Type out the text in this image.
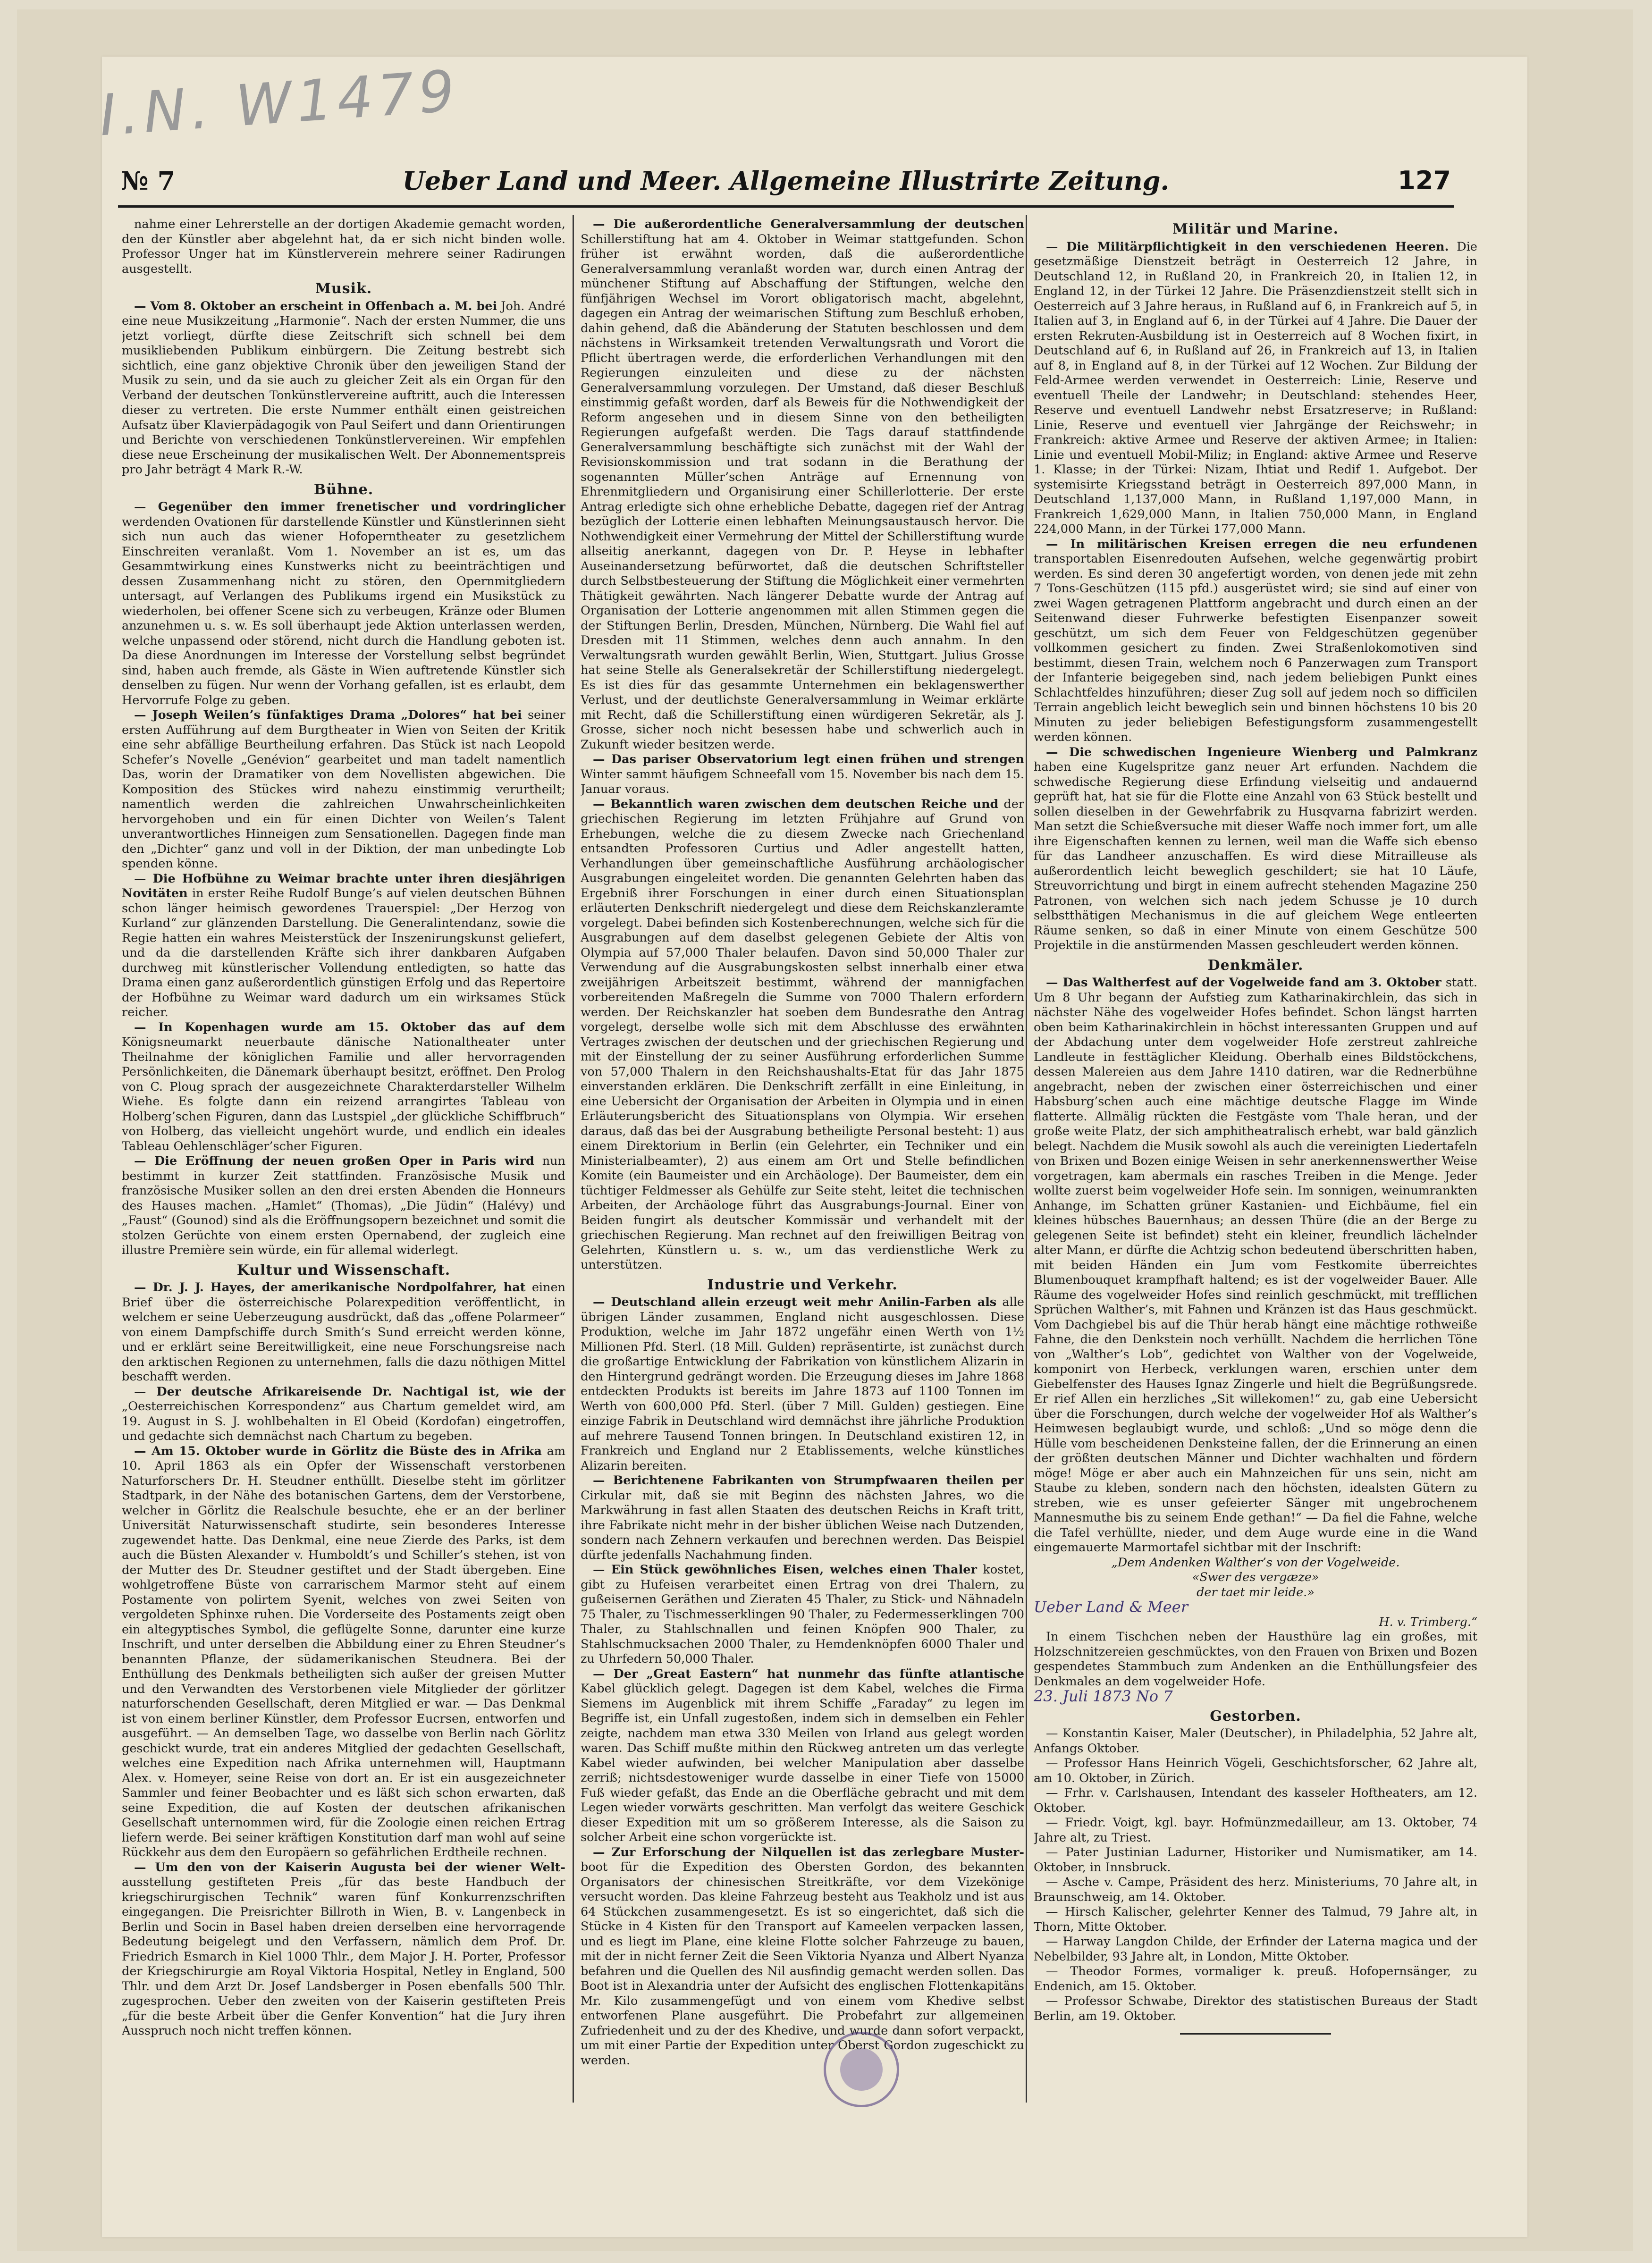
I.N. W1479
№ 7	Ueber Land und Meer. Allgemeine Illustrirte Zeitung.	127

nahme einer Lehrerstelle an der dortigen Akademie gemacht worden, den der Künstler aber abgelehnt hat, da er sich nicht binden wolle. Professor Unger hat im Künstlerverein mehrere seiner Radirungen ausgestellt.

Musik.

— Vom 8. Oktober an erscheint in Offenbach a. M. bei Joh. André eine neue Musikzeitung „Harmonie“. Nach der ersten Nummer, die uns jetzt vorliegt, dürfte diese Zeitschrift sich schnell bei dem musikliebenden Publikum einbürgern. Die Zeitung bestrebt sich sichtlich, eine ganz objektive Chronik über den jeweiligen Stand der Musik zu sein, und da sie auch zu gleicher Zeit als ein Organ für den Verband der deutschen Tonkünstlervereine auftritt, auch die Interessen dieser zu vertreten. Die erste Nummer enthält einen geistreichen Aufsatz über Klavierpädagogik von Paul Seifert und dann Orientirungen und Berichte von verschiedenen Tonkünstlervereinen. Wir empfehlen diese neue Erscheinung der musikalischen Welt. Der Abonnementspreis pro Jahr beträgt 4 Mark R.-W.

Bühne.

— Gegenüber den immer frenetischer und vordringlicher werdenden Ovationen für darstellende Künstler und Künstlerinnen sieht sich nun auch das wiener Hofopernthеater zu gesetzlichem Einschreiten veranlaßt. Vom 1. November an ist es, um das Gesammtwirkung eines Kunstwerks nicht zu beeinträchtigen und dessen Zusammenhang nicht zu stören, den Opernmitgliedern untersagt, auf Verlangen des Publikums irgend ein Musikstück zu wiederholen, bei offener Scene sich zu verbeugen, Kränze oder Blumen anzunehmen u. s. w. Es soll überhaupt jede Aktion unterlassen werden, welche unpassend oder störend, nicht durch die Handlung geboten ist. Da diese Anordnungen im Interesse der Vorstellung selbst begründet sind, haben auch fremde, als Gäste in Wien auftretende Künstler sich denselben zu fügen. Nur wenn der Vorhang gefallen, ist es erlaubt, dem Hervorrufe Folge zu geben.

— Joseph Weilen’s fünfaktiges Drama „Dolores“ hat bei seiner ersten Aufführung auf dem Burgtheater in Wien von Seiten der Kritik eine sehr abfällige Beurtheilung erfahren. Das Stück ist nach Leopold Schefer’s Novelle „Genévion“ gearbeitet und man tadelt namentlich Das, worin der Dramatiker von dem Novellisten abgewichen. Die Komposition des Stückes wird nahezu einstimmig verurtheilt; namentlich werden die zahlreichen Unwahrscheinlichkeiten hervorgehoben und ein für einen Dichter von Weilen’s Talent unverantwortliches Hinneigen zum Sensationellen. Dagegen finde man den „Dichter“ ganz und voll in der Diktion, der man unbedingte Lob spenden könne.

— Die Hofbühne zu Weimar brachte unter ihren diesjährigen Novitäten in erster Reihe Rudolf Bunge’s auf vielen deutschen Bühnen schon länger heimisch gewordenes Trauerspiel: „Der Herzog von Kurland“ zur glänzenden Darstellung. Die Generalintendanz, sowie die Regie hatten ein wahres Meisterstück der Inszenirungskunst geliefert, und da die darstellenden Kräfte sich ihrer dankbaren Aufgaben durchweg mit künstlerischer Vollendung entledigten, so hatte das Drama einen ganz außerordentlich günstigen Erfolg und das Repertoire der Hofbühne zu Weimar ward dadurch um ein wirksames Stück reicher.

— In Kopenhagen wurde am 15. Oktober das auf dem Königsneumarkt neuerbaute dänische Nationaltheater unter Theilnahme der königlichen Familie und aller hervorragenden Persönlichkeiten, die Dänemark überhaupt besitzt, eröffnet. Den Prolog von C. Ploug sprach der ausgezeichnete Charakterdarsteller Wilhelm Wiehe. Es folgte dann ein reizend arrangirtes Tableau von Holberg’schen Figuren, dann das Lustspiel „der glückliche Schiffbruch“ von Holberg, das vielleicht ungehört wurde, und endlich ein ideales Tableau Oehlenschläger’scher Figuren.

— Die Eröffnung der neuen großen Oper in Paris wird nun bestimmt in kurzer Zeit stattfinden. Französische Musik und französische Musiker sollen an den drei ersten Abenden die Honneurs des Hauses machen. „Hamlet“ (Thomas), „Die Jüdin“ (Halévy) und „Faust“ (Gounod) sind als die Eröffnungsopern bezeichnet und somit die stolzen Gerüchte von einem ersten Opernabend, der zugleich eine illustre Première sein würde, ein für allemal widerlegt.

Kultur und Wissenschaft.

— Dr. J. J. Hayes, der amerikanische Nordpolfahrer, hat einen Brief über die österreichische Polarexpedition veröffentlicht, in welchem er seine Ueberzeugung ausdrückt, daß das „offene Polarmeer“ von einem Dampfschiffe durch Smith’s Sund erreicht werden könne, und er erklärt seine Bereitwilligkeit, eine neue Forschungsreise nach den arktischen Regionen zu unternehmen, falls die dazu nöthigen Mittel beschafft werden.

— Der deutsche Afrikareisende Dr. Nachtigal ist, wie der „Oesterreichischen Korrespondenz“ aus Chartum gemeldet wird, am 19. August in S. J. wohlbehalten in El Obeid (Kordofan) eingetroffen, und gedachte sich demnächst nach Chartum zu begeben.

— Am 15. Oktober wurde in Görlitz die Büste des in Afrika am 10. April 1863 als ein Opfer der Wissenschaft verstorbenen Naturforschers Dr. H. Steudner enthüllt. Dieselbe steht im görlitzer Stadtpark, in der Nähe des botanischen Gartens, dem der Verstorbene, welcher in Görlitz die Realschule besuchte, ehe er an der berliner Universität Naturwissenschaft studirte, sein besonderes Interesse zugewendet hatte. Das Denkmal, eine neue Zierde des Parks, ist dem auch die Büsten Alexander v. Humboldt’s und Schiller’s stehen, ist von der Mutter des Dr. Steudner gestiftet und der Stadt übergeben. Eine wohlgetroffene Büste von carrarischem Marmor steht auf einem Postamente von polirtem Syenit, welches von zwei Seiten von vergoldeten Sphinxe ruhen. Die Vorderseite des Postaments zeigt oben ein altegyptisches Symbol, die geflügelte Sonne, darunter eine kurze Inschrift, und unter derselben die Abbildung einer zu Ehren Steudner’s benannten Pflanze, der südamerikanischen Steudnera. Bei der Enthüllung des Denkmals betheiligten sich außer der greisen Mutter und den Verwandten des Verstorbenen viele Mitglieder der görlitzer naturforschenden Gesellschaft, deren Mitglied er war. — Das Denkmal ist von einem berliner Künstler, dem Professor Eucrsen, entworfen und ausgeführt. — An demselben Tage, wo dasselbe von Berlin nach Görlitz geschickt wurde, trat ein anderes Mitglied der gedachten Gesellschaft, welches eine Expedition nach Afrika unternehmen will, Hauptmann Alex. v. Homeyer, seine Reise von dort an. Er ist ein ausgezeichneter Sammler und feiner Beobachter und es läßt sich schon erwarten, daß seine Expedition, die auf Kosten der deutschen afrikanischen Gesellschaft unternommen wird, für die Zoologie einen reichen Ertrag liefern werde. Bei seiner kräftigen Konstitution darf man wohl auf seine Rückkehr aus dem den Europäern so gefährlichen Erdtheile rechnen.

— Um den von der Kaiserin Augusta bei der wiener Welt- ausstellung gestifteten Preis „für das beste Handbuch der kriegschirurgischen Technik“ waren fünf Konkurrenzschriften eingegangen. Die Preisrichter Billroth in Wien, B. v. Langenbeck in Berlin und Socin in Basel haben dreien derselben eine hervorragende Bedeutung beigelegt und den Verfassern, nämlich dem Prof. Dr. Friedrich Esmarch in Kiel 1000 Thlr., dem Major J. H. Porter, Professor der Kriegschirurgie am Royal Viktoria Hospital, Netley in England, 500 Thlr. und dem Arzt Dr. Josef Landsberger in Posen ebenfalls 500 Thlr. zugesprochen. Ueber den zweiten von der Kaiserin gestifteten Preis „für die beste Arbeit über die Genfer Konvention“ hat die Jury ihren Ausspruch noch nicht treffen können.

— Die außerordentliche Generalversammlung der deutschen Schillerstiftung hat am 4. Oktober in Weimar stattgefunden. Schon früher ist erwähnt worden, daß die außerordentliche Generalversammlung veranlaßt worden war, durch einen Antrag der münchener Stiftung auf Abschaffung der Stiftungen, welche den fünfjährigen Wechsel im Vorort obligatorisch macht, abgelehnt, dagegen ein Antrag der weimarischen Stiftung zum Beschluß erhoben, dahin gehend, daß die Abänderung der Statuten beschlossen und dem nächstens in Wirksamkeit tretenden Verwaltungsrath und Vorort die Pflicht übertragen werde, die erforderlichen Verhandlungen mit den Regierungen einzuleiten und diese zu der nächsten Generalversammlung vorzulegen. Der Umstand, daß dieser Beschluß einstimmig gefaßt worden, darf als Beweis für die Nothwendigkeit der Reform angesehen und in diesem Sinne von den betheiligten Regierungen aufgefaßt werden. Die Tags darauf stattfindende Generalversammlung beschäftigte sich zunächst mit der Wahl der Revisionskommission und trat sodann in die Berathung der sogenannten Müller’schen Anträge auf Ernennung von Ehrenmitgliedern und Organisirung einer Schillerlotterie. Der erste Antrag erledigte sich ohne erhebliche Debatte, dagegen rief der Antrag bezüglich der Lotterie einen lebhaften Meinungsaustausch hervor. Die Nothwendigkeit einer Vermehrung der Mittel der Schillerstiftung wurde allseitig anerkannt, dagegen von Dr. P. Heyse in lebhafter Auseinandersetzung befürwortet, daß die deutschen Schriftsteller durch Selbstbesteuerung der Stiftung die Möglichkeit einer vermehrten Thätigkeit gewährten. Nach längerer Debatte wurde der Antrag auf Organisation der Lotterie angenommen mit allen Stimmen gegen die der Stiftungen Berlin, Dresden, München, Nürnberg. Die Wahl fiel auf Dresden mit 11 Stimmen, welches denn auch annahm. In den Verwaltungsrath wurden gewählt Berlin, Wien, Stuttgart. Julius Grosse hat seine Stelle als Generalsekretär der Schillerstiftung niedergelegt. Es ist dies für das gesammte Unternehmen ein beklagenswerther Verlust, und der deutlichste Generalversammlung in Weimar erklärte mit Recht, daß die Schillerstiftung einen würdigeren Sekretär, als J. Grosse, sicher noch nicht besessen habe und schwerlich auch in Zukunft wieder besitzen werde.

— Das pariser Observatorium legt einen frühen und strengen Winter sammt häufigem Schneefall vom 15. November bis nach dem 15. Januar voraus.

— Bekanntlich waren zwischen dem deutschen Reiche und der griechischen Regierung im letzten Frühjahre auf Grund von Erhebungen, welche die zu diesem Zwecke nach Griechenland entsandten Professoren Curtius und Adler angestellt hatten, Verhandlungen über gemeinschaftliche Ausführung archäologischer Ausgrabungen eingeleitet worden. Die genannten Gelehrten haben das Ergebniß ihrer Forschungen in einer durch einen Situationsplan erläuterten Denkschrift niedergelegt und diese dem Reichskanzleramte vorgelegt. Dabei befinden sich Kostenberechnungen, welche sich für die Ausgrabungen auf dem daselbst gelegenen Gebiete der Altis von Olympia auf 57,000 Thaler belaufen. Davon sind 50,000 Thaler zur Verwendung auf die Ausgrabungskosten selbst innerhalb einer etwa zweijährigen Arbeitszeit bestimmt, während der mannigfachen vorbereitenden Maßregeln die Summe von 7000 Thalern erfordern werden. Der Reichskanzler hat soeben dem Bundesrathe den Antrag vorgelegt, derselbe wolle sich mit dem Abschlusse des erwähnten Vertrages zwischen der deutschen und der griechischen Regierung und mit der Einstellung der zu seiner Ausführung erforderlichen Summe von 57,000 Thalern in den Reichshaushalts-Etat für das Jahr 1875 einverstanden erklären. Die Denkschrift zerfällt in eine Einleitung, in eine Uebersicht der Organisation der Arbeiten in Olympia und in einen Erläuterungsbericht des Situationsplans von Olympia. Wir ersehen daraus, daß das bei der Ausgrabung betheiligte Personal besteht: 1) aus einem Direktorium in Berlin (ein Gelehrter, ein Techniker und ein Ministerialbeamter), 2) aus einem am Ort und Stelle befindlichen Komite (ein Baumeister und ein Archäologe). Der Baumeister, dem ein tüchtiger Feldmesser als Gehülfe zur Seite steht, leitet die technischen Arbeiten, der Archäologe führt das Ausgrabungs-Journal. Einer von Beiden fungirt als deutscher Kommissär und verhandelt mit der griechischen Regierung. Man rechnet auf den freiwilligen Beitrag von Gelehrten, Künstlern u. s. w., um das verdienstliche Werk zu unterstützen.

Industrie und Verkehr.

— Deutschland allein erzeugt weit mehr Anilin-Farben als alle übrigen Länder zusammen, England nicht ausgeschlossen. Diese Produktion, welche im Jahr 1872 ungefähr einen Werth von 1½ Millionen Pfd. Sterl. (18 Mill. Gulden) repräsentirte, ist zunächst durch die großartige Entwicklung der Fabrikation von künstlichem Alizarin in den Hintergrund gedrängt worden. Die Erzeugung dieses im Jahre 1868 entdeckten Produkts ist bereits im Jahre 1873 auf 1100 Tonnen im Werth von 600,000 Pfd. Sterl. (über 7 Mill. Gulden) gestiegen. Eine einzige Fabrik in Deutschland wird demnächst ihre jährliche Produktion auf mehrere Tausend Tonnen bringen. In Deutschland existiren 12, in Frankreich und England nur 2 Etablissements, welche künstliches Alizarin bereiten.

— Berichtenene Fabrikanten von Strumpfwaaren theilen per Cirkular mit, daß sie mit Beginn des nächsten Jahres, wo die Markwährung in fast allen Staaten des deutschen Reichs in Kraft tritt, ihre Fabrikate nicht mehr in der bisher üblichen Weise nach Dutzenden, sondern nach Zehnern verkaufen und berechnen werden. Das Beispiel dürfte jedenfalls Nachahmung finden.

— Ein Stück gewöhnliches Eisen, welches einen Thaler kostet, gibt zu Hufeisen verarbeitet einen Ertrag von drei Thalern, zu gußeisernen Geräthen und Zieraten 45 Thaler, zu Stick- und Nähnadeln 75 Thaler, zu Tischmesserklingen 90 Thaler, zu Federmesserklingen 700 Thaler, zu Stahlschnallen und feinen Knöpfen 900 Thaler, zu Stahlschmucksachen 2000 Thaler, zu Hemdenknöpfen 6000 Thaler und zu Uhrfedern 50,000 Thaler.

— Der „Great Eastern“ hat nunmehr das fünfte atlantische Kabel glücklich gelegt. Dagegen ist dem Kabel, welches die Firma Siemens im Augenblick mit ihrem Schiffe „Faraday“ zu legen im Begriffe ist, ein Unfall zugestoßen, indem sich in demselben ein Fehler zeigte, nachdem man etwa 330 Meilen von Irland aus gelegt worden waren. Das Schiff mußte mithin den Rückweg antreten um das verlegte Kabel wieder aufwinden, bei welcher Manipulation aber dasselbe zerriß; nichtsdestoweniger wurde dasselbe in einer Tiefe von 15000 Fuß wieder gefaßt, das Ende an die Oberfläche gebracht und mit dem Legen wieder vorwärts geschritten. Man verfolgt das weitere Geschick dieser Expedition mit um so größerem Interesse, als die Saison zu solcher Arbeit eine schon vorgerückte ist.

— Zur Erforschung der Nilquellen ist das zerlegbare Muster- boot für die Expedition des Obersten Gordon, des bekannten Organisators der chinesischen Streitkräfte, vor dem Vizekönige versucht worden. Das kleine Fahrzeug besteht aus Teakholz und ist aus 64 Stückchen zusammengesetzt. Es ist so eingerichtet, daß sich die Stücke in 4 Kisten für den Transport auf Kameelen verpacken lassen, und es liegt im Plane, eine kleine Flotte solcher Fahrzeuge zu bauen, mit der in nicht ferner Zeit die Seen Viktoria Nyanza und Albert Nyanza befahren und die Quellen des Nil ausfindig gemacht werden sollen. Das Boot ist in Alexandria unter der Aufsicht des englischen Flottenkapitäns Mr. Kilo zusammengefügt und von einem vom Khedive selbst entworfenen Plane ausgeführt. Die Probefahrt zur allgemeinen Zufriedenheit und zu der des Khedive, und wurde dann sofort verpackt, um mit einer Partie der Expedition unter Oberst Gordon zugeschickt zu werden.

Militär und Marine.

— Die Militärpflichtigkeit in den verschiedenen Heeren. Die gesetzmäßige Dienstzeit beträgt in Oesterreich 12 Jahre, in Deutschland 12, in Rußland 20, in Frankreich 20, in Italien 12, in England 12, in der Türkei 12 Jahre. Die Präsenzdienstzeit stellt sich in Oesterreich auf 3 Jahre heraus, in Rußland auf 6, in Frankreich auf 5, in Italien auf 3, in England auf 6, in der Türkei auf 4 Jahre. Die Dauer der ersten Rekruten-Ausbildung ist in Oesterreich auf 8 Wochen fixirt, in Deutschland auf 6, in Rußland auf 26, in Frankreich auf 13, in Italien auf 8, in England auf 8, in der Türkei auf 12 Wochen. Zur Bildung der Feld-Armee werden verwendet in Oesterreich: Linie, Reserve und eventuell Theile der Landwehr; in Deutschland: stehendes Heer, Reserve und eventuell Landwehr nebst Ersatzreserve; in Rußland: Linie, Reserve und eventuell vier Jahrgänge der Reichswehr; in Frankreich: aktive Armee und Reserve der aktiven Armee; in Italien: Linie und eventuell Mobil-Miliz; in England: aktive Armee und Reserve 1. Klasse; in der Türkei: Nizam, Ihtiat und Redif 1. Aufgebot. Der systemisirte Kriegsstand beträgt in Oesterreich 897,000 Mann, in Deutschland 1,137,000 Mann, in Rußland 1,197,000 Mann, in Frankreich 1,629,000 Mann, in Italien 750,000 Mann, in England 224,000 Mann, in der Türkei 177,000 Mann.

— In militärischen Kreisen erregen die neu erfundenen transportablen Eisenredouten Aufsehen, welche gegenwärtig probirt werden. Es sind deren 30 angefertigt worden, von denen jede mit zehn 7 Tons-Geschützen (115 pfd.) ausgerüstet wird; sie sind auf einer von zwei Wagen getragenen Plattform angebracht und durch einen an der Seitenwand dieser Fuhrwerke befestigten Eisenpanzer soweit geschützt, um sich dem Feuer von Feldgeschützen gegenüber vollkommen gesichert zu finden. Zwei Straßenlokomotiven sind bestimmt, diesen Train, welchem noch 6 Panzerwagen zum Transport der Infanterie beigegeben sind, nach jedem beliebigen Punkt eines Schlachtfeldes hinzuführen; dieser Zug soll auf jedem noch so difficilen Terrain angeblich leicht beweglich sein und binnen höchstens 10 bis 20 Minuten zu jeder beliebigen Befestigungsform zusammengestellt werden können.

— Die schwedischen Ingenieure Wienberg und Palmkranz haben eine Kugelspritze ganz neuer Art erfunden. Nachdem die schwedische Regierung diese Erfindung vielseitig und andauernd geprüft hat, hat sie für die Flotte eine Anzahl von 63 Stück bestellt und sollen dieselben in der Gewehrfabrik zu Husqvarna fabrizirt werden. Man setzt die Schießversuche mit dieser Waffe noch immer fort, um alle ihre Eigenschaften kennen zu lernen, weil man die Waffe sich ebenso für das Landheer anzuschaffen. Es wird diese Mitrailleuse als außerordentlich leicht beweglich geschildert; sie hat 10 Läufe, Streuvorrichtung und birgt in einem aufrecht stehenden Magazine 250 Patronen, von welchen sich nach jedem Schusse je 10 durch selbstthätigen Mechanismus in die auf gleichem Wege entleerten Räume senken, so daß in einer Minute von einem Geschütze 500 Projektile in die anstürmenden Massen geschleudert werden können.

Denkmäler.

— Das Waltherfest auf der Vogelweide fand am 3. Oktober statt. Um 8 Uhr begann der Aufstieg zum Katharinakirchlein, das sich in nächster Nähe des vogelweider Hofes befindet. Schon längst harrten oben beim Katharinakirchlein in höchst interessanten Gruppen und auf der Abdachung unter dem vogelweider Hofe zerstreut zahlreiche Landleute in festtäglicher Kleidung. Oberhalb eines Bildstöckchens, dessen Malereien aus dem Jahre 1410 datiren, war die Rednerbühne angebracht, neben der zwischen einer österreichischen und einer Habsburg’schen auch eine mächtige deutsche Flagge im Winde flatterte. Allmälig rückten die Festgäste vom Thale heran, und der große weite Platz, der sich amphitheatralisch erhebt, war bald gänzlich belegt. Nachdem die Musik sowohl als auch die vereinigten Liedertafeln von Brixen und Bozen einige Weisen in sehr anerkennenswerther Weise vorgetragen, kam abermals ein rasches Treiben in die Menge. Jeder wollte zuerst beim vogelweider Hofe sein. Im sonnigen, weinumrankten Anhange, im Schatten grüner Kastanien- und Eichbäume, fiel ein kleines hübsches Bauernhaus; an dessen Thüre (die an der Berge zu gelegenen Seite ist befindet) steht ein kleiner, freundlich lächelnder alter Mann, er dürfte die Achtzig schon bedeutend überschritten haben, mit beiden Händen ein Jum vom Festkomite überreichtes Blumenbouquet krampfhaft haltend; es ist der vogelweider Bauer. Alle Räume des vogelweider Hofes sind reinlich geschmückt, mit trefflichen Sprüchen Walther’s, mit Fahnen und Kränzen ist das Haus geschmückt. Vom Dachgiebel bis auf die Thür herab hängt eine mächtige rothweiße Fahne, die den Denkstein noch verhüllt. Nachdem die herrlichen Töne von „Walther’s Lob“, gedichtet von Walther von der Vogelweide, komponirt von Herbeck, verklungen waren, erschien unter dem Giebelfenster des Hauses Ignaz Zingerle und hielt die Begrüßungsrede. Er rief Allen ein herzliches „Sit willekomen!“ zu, gab eine Uebersicht über die Forschungen, durch welche der vogelweider Hof als Walther’s Heimwesen beglaubigt wurde, und schloß: „Und so möge denn die Hülle vom bescheidenen Denksteine fallen, der die Erinnerung an einen der größten deutschen Männer und Dichter wachhalten und fördern möge! Möge er aber auch ein Mahnzeichen für uns sein, nicht am Staube zu kleben, sondern nach den höchsten, idealsten Gütern zu streben, wie es unser gefeierter Sänger mit ungebrochenem Mannesmuthe bis zu seinem Ende gethan!“ — Da fiel die Fahne, welche die Tafel verhüllte, nieder, und dem Auge wurde eine in die Wand eingemauerte Marmortafel sichtbar mit der Inschrift:

„Dem Andenken Walther’s von der Vogelweide.

«Swer des vergæze»

der taet mir leide.»

Ueber Land & Meer

H. v. Trimberg.“

In einem Tischchen neben der Hausthüre lag ein großes, mit Holzschnitzereien geschmücktes, von den Frauen von Brixen und Bozen gespendetes Stammbuch zum Andenken an die Enthüllungsfeier des Denkmales an dem vogelweider Hofe.

23. Juli 1873 No 7

Gestorben.

— Konstantin Kaiser, Maler (Deutscher), in Philadelphia, 52 Jahre alt, Anfangs Oktober.

— Professor Hans Heinrich Vögeli, Geschichtsforscher, 62 Jahre alt, am 10. Oktober, in Zürich.

— Frhr. v. Carlshausen, Intendant des kasseler Hoftheaters, am 12. Oktober.

— Friedr. Voigt, kgl. bayr. Hofmünzmedailleur, am 13. Oktober, 74 Jahre alt, zu Triest.

— Pater Justinian Ladurner, Historiker und Numismatiker, am 14. Oktober, in Innsbruck.

— Asche v. Campe, Präsident des herz. Ministeriums, 70 Jahre alt, in Braunschweig, am 14. Oktober.

— Hirsch Kalischer, gelehrter Kenner des Talmud, 79 Jahre alt, in Thorn, Mitte Oktober.

— Harway Langdon Childe, der Erfinder der Laterna magica und der Nebelbilder, 93 Jahre alt, in London, Mitte Oktober.

— Theodor Formes, vormaliger k. preuß. Hofopernsänger, zu Endenich, am 15. Oktober.

— Professor Schwabe, Direktor des statistischen Bureaus der Stadt Berlin, am 19. Oktober.
